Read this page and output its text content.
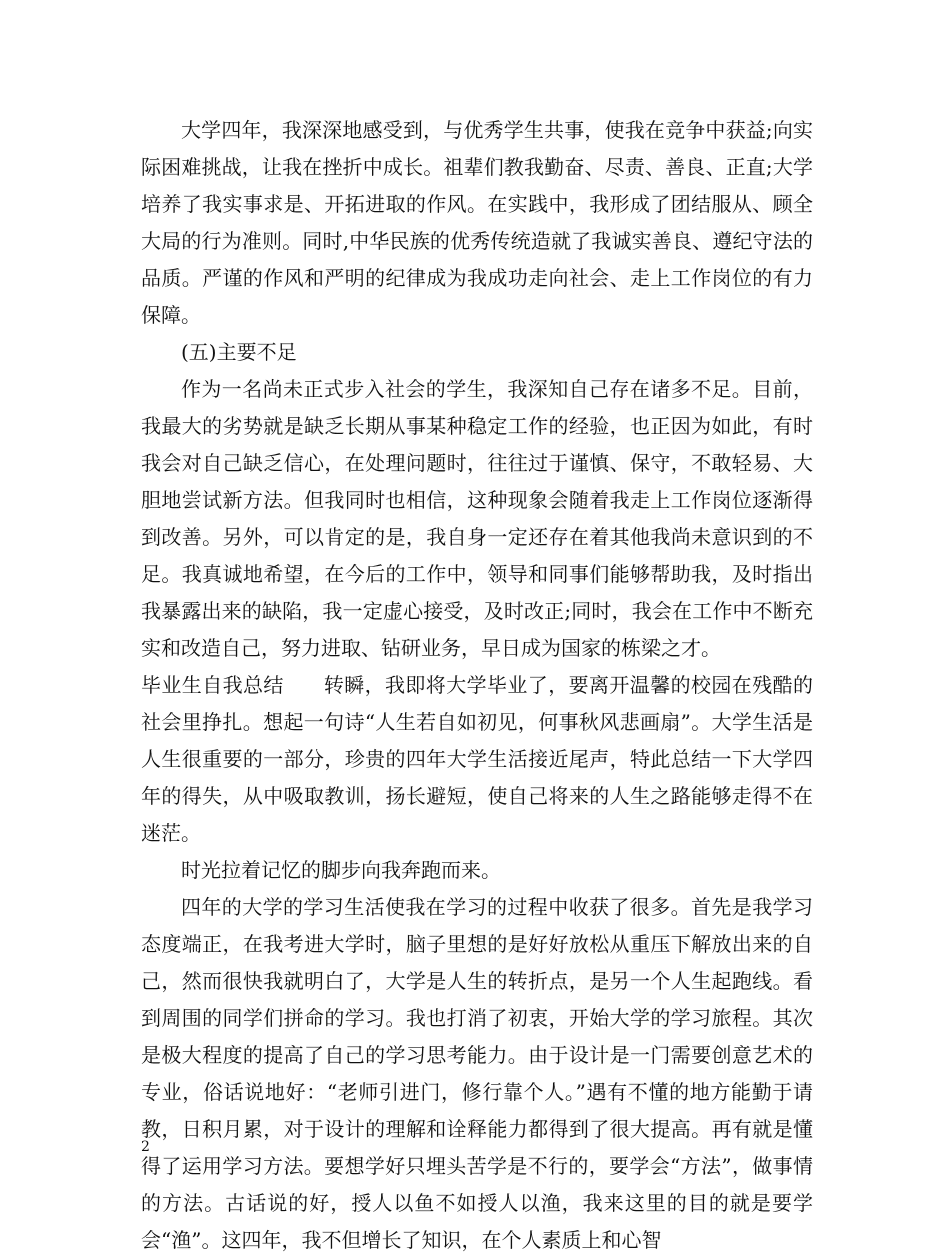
大学四年，我深深地感受到，与优秀学生共事，使我在竞争中获益;向实际困难挑战，让我在挫折中成长。祖辈们教我勤奋、尽责、善良、正直;大学培养了我实事求是、开拓进取的作风。在实践中，我形成了团结服从、顾全大局的行为准则。同时,中华民族的优秀传统造就了我诚实善良、遵纪守法的品质。严谨的作风和严明的纪律成为我成功走向社会、走上工作岗位的有力保障。

(五)主要不足

作为一名尚未正式步入社会的学生，我深知自己存在诸多不足。目前，我最大的劣势就是缺乏长期从事某种稳定工作的经验，也正因为如此，有时我会对自己缺乏信心，在处理问题时，往往过于谨慎、保守，不敢轻易、大胆地尝试新方法。但我同时也相信，这种现象会随着我走上工作岗位逐渐得到改善。另外，可以肯定的是，我自身一定还存在着其他我尚未意识到的不足。我真诚地希望，在今后的工作中，领导和同事们能够帮助我，及时指出我暴露出来的缺陷，我一定虚心接受，及时改正;同时，我会在工作中不断充实和改造自己，努力进取、钻研业务，早日成为国家的栋梁之才。

毕业生自我总结 转瞬，我即将大学毕业了，要离开温馨的校园在残酷的社会里挣扎。想起一句诗“人生若自如初见，何事秋风悲画扇”。大学生活是人生很重要的一部分，珍贵的四年大学生活接近尾声，特此总结一下大学四年的得失，从中吸取教训，扬长避短，使自己将来的人生之路能够走得不在迷茫。

时光拉着记忆的脚步向我奔跑而来。

四年的大学的学习生活使我在学习的过程中收获了很多。首先是我学习态度端正，在我考进大学时，脑子里想的是好好放松从重压下解放出来的自己，然而很快我就明白了，大学是人生的转折点，是另一个人生起跑线。看到周围的同学们拼命的学习。我也打消了初衷，开始大学的学习旅程。其次是极大程度的提高了自己的学习思考能力。由于设计是一门需要创意艺术的专业，俗话说地好：“老师引进门，修行靠个人。”遇有不懂的地方能勤于请教，日积月累，对于设计的理解和诠释能力都得到了很大提高。再有就是懂得了运用学习方法。要想学好只埋头苦学是不行的，要学会“方法”，做事情的方法。古话说的好，授人以鱼不如授人以渔，我来这里的目的就是要学会“渔”。这四年，我不但增长了知识，在个人素质上和心智

2
